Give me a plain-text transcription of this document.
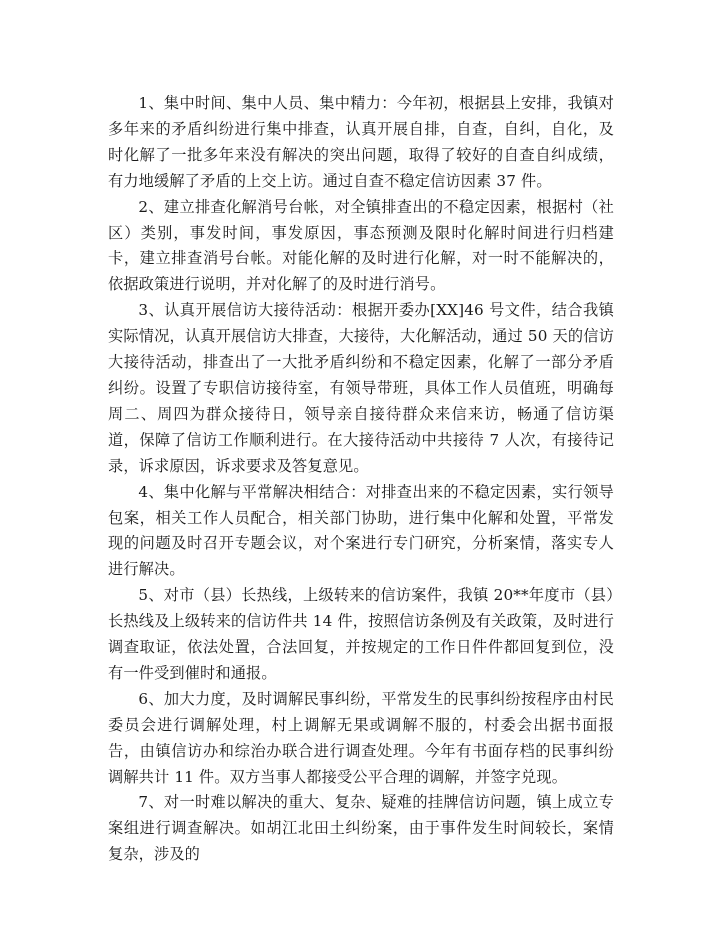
1、集中时间、集中人员、集中精力：今年初，根据县上安排，我镇对多年来的矛盾纠纷进行集中排查，认真开展自排，自查，自纠，自化，及时化解了一批多年来没有解决的突出问题，取得了较好的自查自纠成绩，有力地缓解了矛盾的上交上访。通过自查不稳定信访因素 37 件。

2、建立排查化解消号台帐，对全镇排查出的不稳定因素，根据村（社区）类别，事发时间，事发原因，事态预测及限时化解时间进行归档建卡，建立排查消号台帐。对能化解的及时进行化解，对一时不能解决的，依据政策进行说明，并对化解了的及时进行消号。

3、认真开展信访大接待活动：根据开委办[XX]46 号文件，结合我镇实际情况，认真开展信访大排查，大接待，大化解活动，通过 50 天的信访大接待活动，排查出了一大批矛盾纠纷和不稳定因素，化解了一部分矛盾纠纷。设置了专职信访接待室，有领导带班，具体工作人员值班，明确每周二、周四为群众接待日，领导亲自接待群众来信来访，畅通了信访渠道，保障了信访工作顺利进行。在大接待活动中共接待 7 人次，有接待记录，诉求原因，诉求要求及答复意见。

4、集中化解与平常解决相结合：对排查出来的不稳定因素，实行领导包案，相关工作人员配合，相关部门协助，进行集中化解和处置，平常发现的问题及时召开专题会议，对个案进行专门研究，分析案情，落实专人进行解决。

5、对市（县）长热线，上级转来的信访案件，我镇 20**年度市（县）长热线及上级转来的信访件共 14 件，按照信访条例及有关政策，及时进行调查取证，依法处置，合法回复，并按规定的工作日件件都回复到位，没有一件受到催时和通报。

6、加大力度，及时调解民事纠纷，平常发生的民事纠纷按程序由村民委员会进行调解处理，村上调解无果或调解不服的，村委会出据书面报告，由镇信访办和综治办联合进行调查处理。今年有书面存档的民事纠纷调解共计 11 件。双方当事人都接受公平合理的调解，并签字兑现。

7、对一时难以解决的重大、复杂、疑难的挂牌信访问题，镇上成立专案组进行调查解决。如胡江北田土纠纷案，由于事件发生时间较长，案情复杂，涉及的
